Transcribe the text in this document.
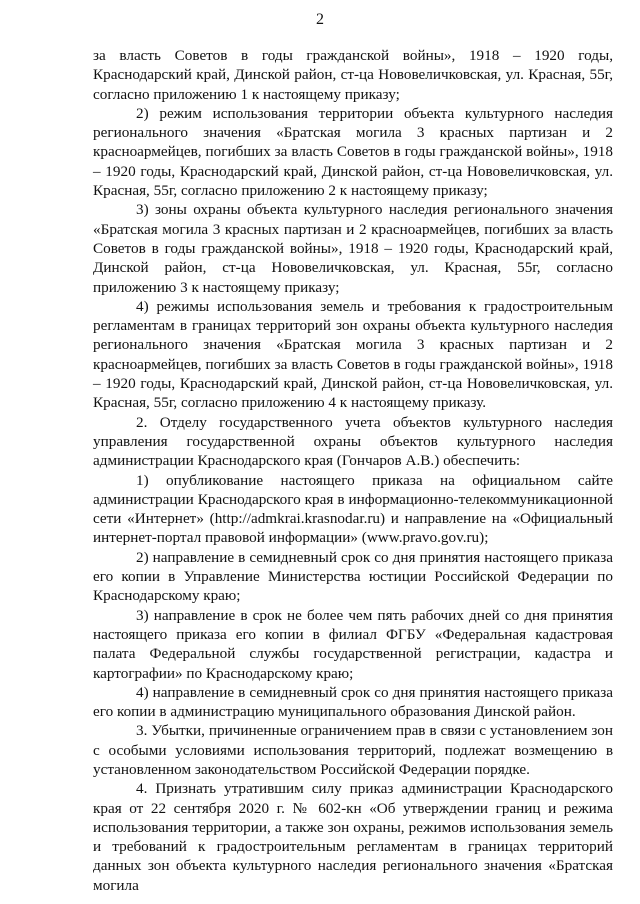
2

за власть Советов в годы гражданской войны», 1918 – 1920 годы, Краснодарский край, Динской район, ст-ца Нововеличковская, ул. Красная, 55г, согласно приложению 1 к настоящему приказу;

2) режим использования территории объекта культурного наследия регионального значения «Братская могила 3 красных партизан и 2 красноармейцев, погибших за власть Советов в годы гражданской войны», 1918 – 1920 годы, Краснодарский край, Динской район, ст-ца Нововеличковская, ул. Красная, 55г, согласно приложению 2 к настоящему приказу;

3) зоны охраны объекта культурного наследия регионального значения «Братская могила 3 красных партизан и 2 красноармейцев, погибших за власть Советов в годы гражданской войны», 1918 – 1920 годы, Краснодарский край, Динской район, ст-ца Нововеличковская, ул. Красная, 55г, согласно приложению 3 к настоящему приказу;

4) режимы использования земель и требования к градостроительным регламентам в границах территорий зон охраны объекта культурного наследия регионального значения «Братская могила 3 красных партизан и 2 красноармейцев, погибших за власть Советов в годы гражданской войны», 1918 – 1920 годы, Краснодарский край, Динской район, ст-ца Нововеличковская, ул. Красная, 55г, согласно приложению 4 к настоящему приказу.

2. Отделу государственного учета объектов культурного наследия управления государственной охраны объектов культурного наследия администрации Краснодарского края (Гончаров А.В.) обеспечить:

1) опубликование настоящего приказа на официальном сайте администрации Краснодарского края в информационно-телекоммуникационной сети «Интернет» (http://admkrai.krasnodar.ru) и направление на «Официальный интернет-портал правовой информации» (www.pravo.gov.ru);

2) направление в семидневный срок со дня принятия настоящего приказа его копии в Управление Министерства юстиции Российской Федерации по Краснодарскому краю;

3) направление в срок не более чем пять рабочих дней со дня принятия настоящего приказа его копии в филиал ФГБУ «Федеральная кадастровая палата Федеральной службы государственной регистрации, кадастра и картографии» по Краснодарскому краю;

4) направление в семидневный срок со дня принятия настоящего приказа его копии в администрацию муниципального образования Динской район.

3. Убытки, причиненные ограничением прав в связи с установлением зон с особыми условиями использования территорий, подлежат возмещению в установленном законодательством Российской Федерации порядке.

4. Признать утратившим силу приказ администрации Краснодарского края от 22 сентября 2020 г. № 602-кн «Об утверждении границ и режима использования территории, а также зон охраны, режимов использования земель и требований к градостроительным регламентам в границах территорий данных зон объекта культурного наследия регионального значения «Братская могила
